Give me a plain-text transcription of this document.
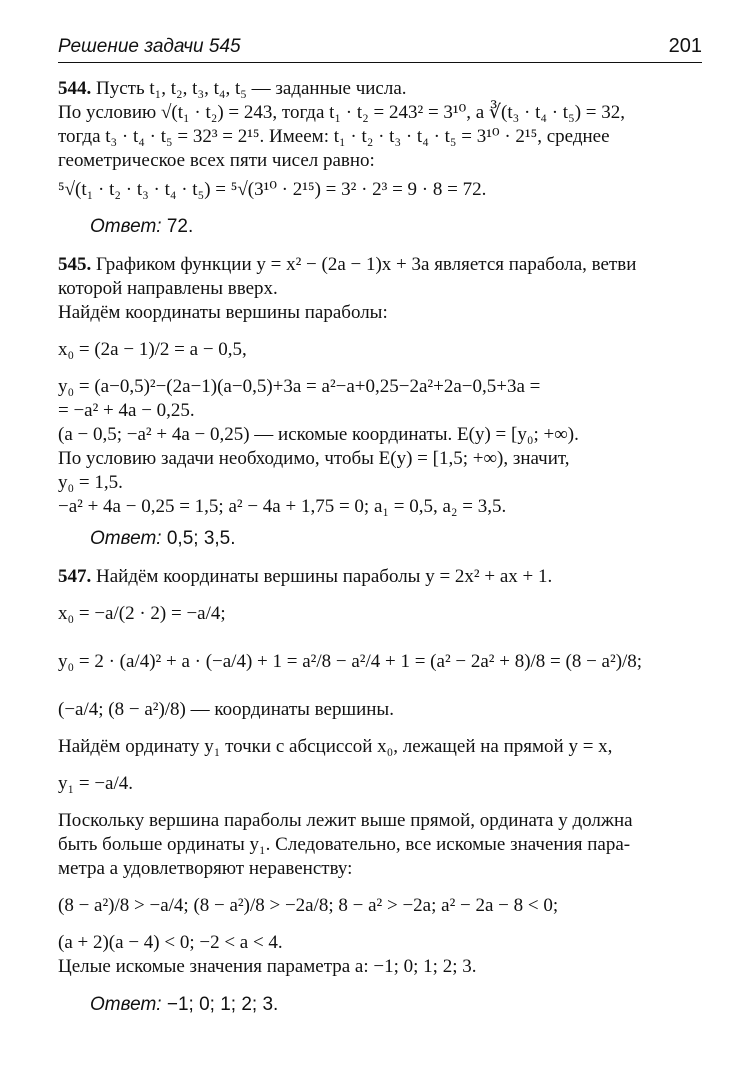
Решение задачи 545	201
544. Пусть t₁, t₂, t₃, t₄, t₅ — заданные числа.
По условию √(t₁ · t₂) = 243, тогда t₁ · t₂ = 243² = 3¹⁰, а ∛(t₃ · t₄ · t₅) = 32,
тогда t₃ · t₄ · t₅ = 32³ = 2¹⁵. Имеем: t₁ · t₂ · t₃ · t₄ · t₅ = 3¹⁰ · 2¹⁵, среднее
геометрическое всех пяти чисел равно:
⁵√(t₁ · t₂ · t₃ · t₄ · t₅) = ⁵√(3¹⁰ · 2¹⁵) = 3² · 2³ = 9 · 8 = 72.
Ответ: 72.
545. Графиком функции y = x² − (2a − 1)x + 3a является парабола, ветви
которой направлены вверх.
Найдём координаты вершины параболы:
x₀ = (2a − 1)/2 = a − 0,5,
y₀ = (a−0,5)²−(2a−1)(a−0,5)+3a = a²−a+0,25−2a²+2a−0,5+3a =
= −a² + 4a − 0,25.
(a − 0,5; −a² + 4a − 0,25) — искомые координаты. E(y) = [y₀; +∞).
По условию задачи необходимо, чтобы E(y) = [1,5; +∞), значит,
y₀ = 1,5.
−a² + 4a − 0,25 = 1,5; a² − 4a + 1,75 = 0; a₁ = 0,5, a₂ = 3,5.
Ответ: 0,5; 3,5.
547. Найдём координаты вершины параболы y = 2x² + ax + 1.
x₀ = −a/(2 · 2) = −a/4;
y₀ = 2 · (a/4)² + a · (−a/4) + 1 = a²/8 − a²/4 + 1 = (a² − 2a² + 8)/8 = (8 − a²)/8;
(−a/4; (8 − a²)/8) — координаты вершины.
Найдём ординату y₁ точки с абсциссой x₀, лежащей на прямой y = x,
y₁ = −a/4.
Поскольку вершина параболы лежит выше прямой, ордината y должна
быть больше ординаты y₁. Следовательно, все искомые значения пара-
метра a удовлетворяют неравенству:
(8 − a²)/8 > −a/4; (8 − a²)/8 > −2a/8; 8 − a² > −2a; a² − 2a − 8 < 0;
(a + 2)(a − 4) < 0; −2 < a < 4.
Целые искомые значения параметра a: −1; 0; 1; 2; 3.
Ответ: −1; 0; 1; 2; 3.
